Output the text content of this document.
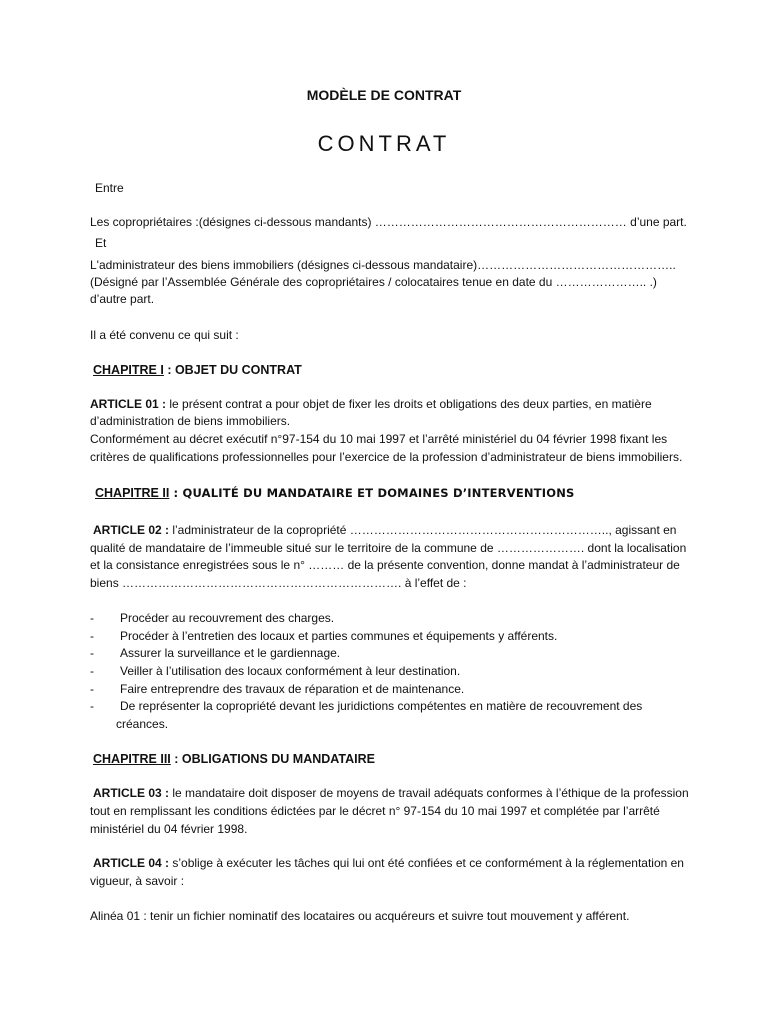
MODÈLE DE CONTRAT
CONTRAT
Entre
Les copropriétaires :(désignes ci-dessous mandants) ……………………………………………………… d’une part.
Et
L'administrateur des biens immobiliers (désignes ci-dessous mandataire)…………………………………………..
(Désigné par l’Assemblée Générale des copropriétaires / colocataires tenue en date du ………………….. .)
d’autre part.
Il a été convenu ce qui suit :
CHAPITRE I : OBJET DU CONTRAT
ARTICLE 01 : le présent contrat a pour objet de fixer les droits et obligations des deux parties, en matière
d’administration de biens immobiliers.
Conformément au décret exécutif n°97-154 du 10 mai 1997 et l’arrêté ministériel du 04 février 1998 fixant les
critères de qualifications professionnelles pour l’exercice de la profession d’administrateur de biens immobiliers.
CHAPITRE II : QUALITÉ DU MANDATAIRE ET DOMAINES D’INTERVENTIONS
ARTICLE 02 : l’administrateur de la copropriété ……………………………………………………….., agissant en
qualité de mandataire de l’immeuble situé sur le territoire de la commune de …………………. dont la localisation
et la consistance enregistrées sous le n° ……… de la présente convention, donne mandat à l’administrateur de
biens ……………………………………………………………. à l’effet de :
- Procéder au recouvrement des charges.
- Procéder à l’entretien des locaux et parties communes et équipements y afférents.
- Assurer la surveillance et le gardiennage.
- Veiller à l’utilisation des locaux conformément à leur destination.
- Faire entreprendre des travaux de réparation et de maintenance.
- De représenter la copropriété devant les juridictions compétentes en matière de recouvrement des
créances.
CHAPITRE III : OBLIGATIONS DU MANDATAIRE
ARTICLE 03 : le mandataire doit disposer de moyens de travail adéquats conformes à l’éthique de la profession
tout en remplissant les conditions édictées par le décret n° 97-154 du 10 mai 1997 et complétée par l’arrêté
ministériel du 04 février 1998.
ARTICLE 04 : s’oblige à exécuter les tâches qui lui ont été confiées et ce conformément à la réglementation en
vigueur, à savoir :
Alinéa 01 : tenir un fichier nominatif des locataires ou acquéreurs et suivre tout mouvement y afférent.
